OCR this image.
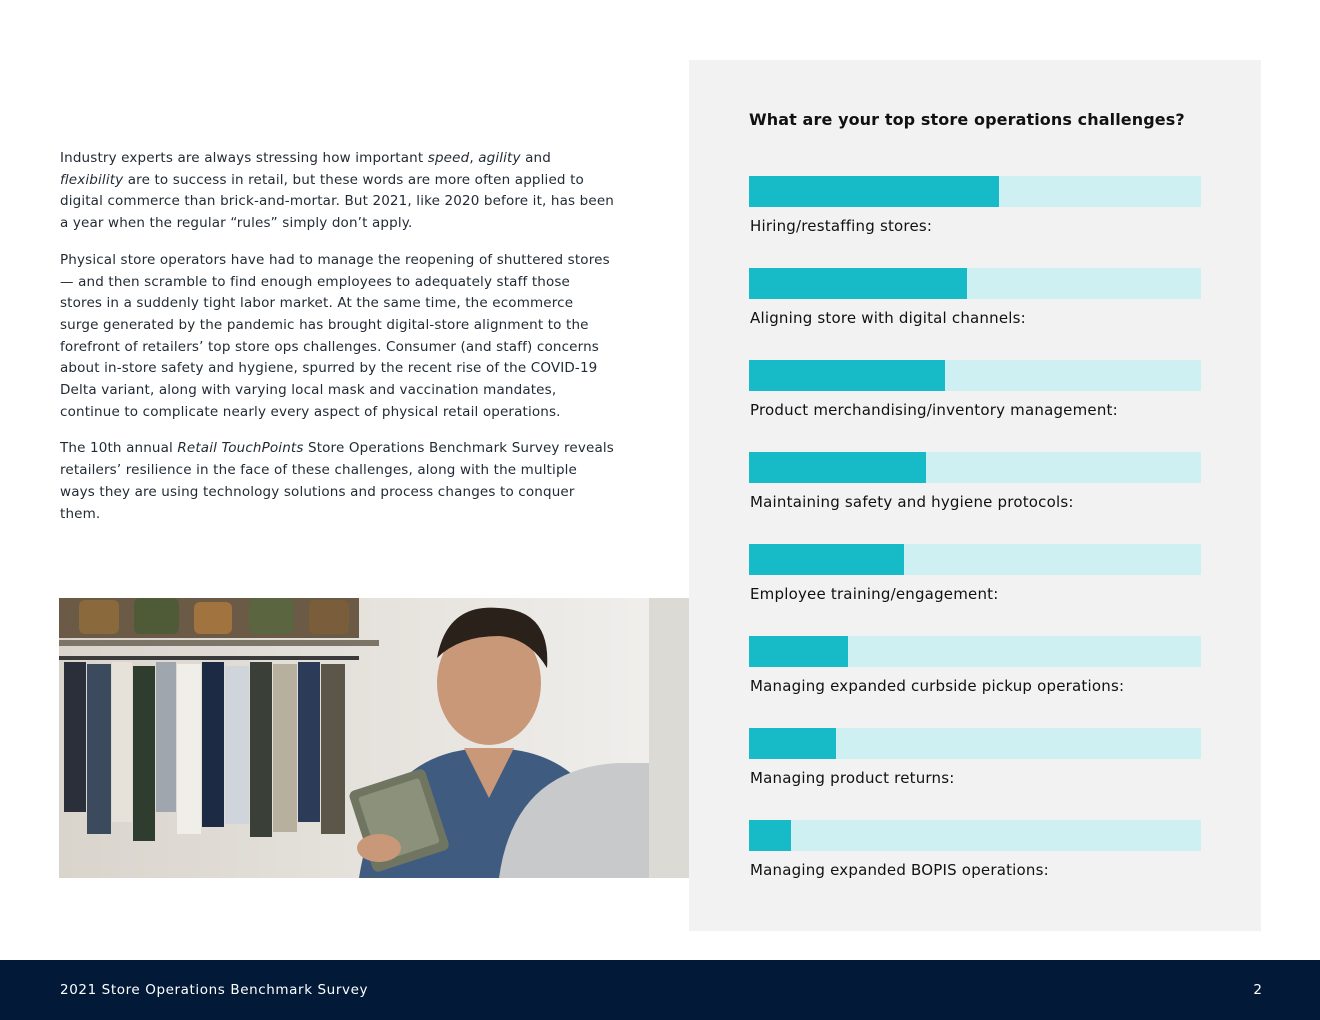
Industry experts are always stressing how important speed, agility and flexibility are to success in retail, but these words are more often applied to digital commerce than brick-and-mortar. But 2021, like 2020 before it, has been a year when the regular “rules” simply don’t apply.

Physical store operators have had to manage the reopening of shuttered stores — and then scramble to find enough employees to adequately staff those stores in a suddenly tight labor market. At the same time, the ecommerce surge generated by the pandemic has brought digital-store alignment to the forefront of retailers’ top store ops challenges. Consumer (and staff) concerns about in-store safety and hygiene, spurred by the recent rise of the COVID-19 Delta variant, along with varying local mask and vaccination mandates, continue to complicate nearly every aspect of physical retail operations.

The 10th annual Retail TouchPoints Store Operations Benchmark Survey reveals retailers’ resilience in the face of these challenges, along with the multiple ways they are using technology solutions and process changes to conquer them.

What are your top store operations challenges?
Hiring/restaffing stores:
Aligning store with digital channels:
Product merchandising/inventory management:
Maintaining safety and hygiene protocols:
Employee training/engagement:
Managing expanded curbside pickup operations:
Managing product returns:
Managing expanded BOPIS operations:
2021 Store Operations Benchmark Survey	2
